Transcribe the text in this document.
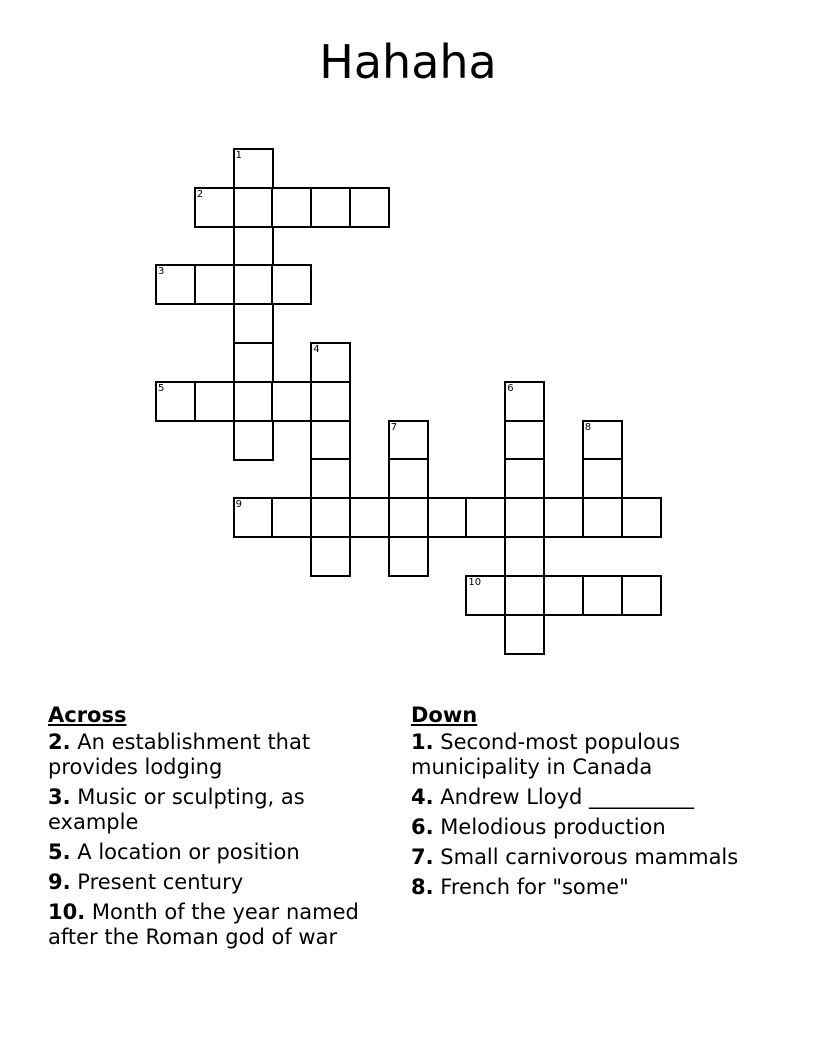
Hahaha
1
2
3
4
5	6
7	8
9
10
Across
2. An establishment that provides lodging
3. Music or sculpting, as example
5. A location or position
9. Present century
10. Month of the year named after the Roman god of war
Down
1. Second-most populous municipality in Canada
4. Andrew Lloyd __________
6. Melodious production
7. Small carnivorous mammals
8. French for "some"
